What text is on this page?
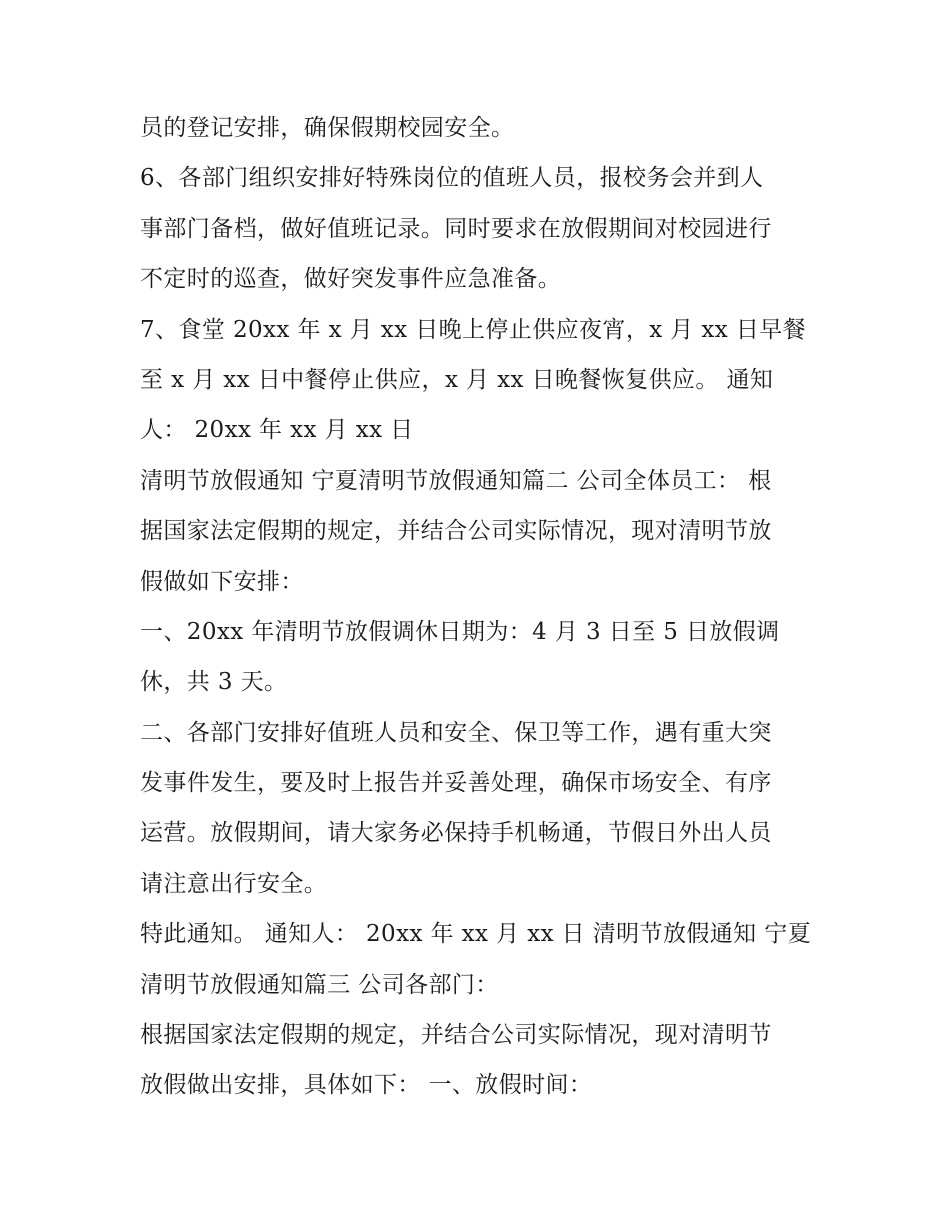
员的登记安排，确保假期校园安全。
6、各部门组织安排好特殊岗位的值班人员，报校务会并到人
事部门备档，做好值班记录。同时要求在放假期间对校园进行
不定时的巡查，做好突发事件应急准备。
7、食堂 20xx 年 x 月 xx 日晚上停止供应夜宵，x 月 xx 日早餐
至 x 月 xx 日中餐停止供应，x 月 xx 日晚餐恢复供应。 通知
人： 20xx 年 xx 月 xx 日
清明节放假通知 宁夏清明节放假通知篇二 公司全体员工： 根
据国家法定假期的规定，并结合公司实际情况，现对清明节放
假做如下安排：
一、20xx 年清明节放假调休日期为：4 月 3 日至 5 日放假调
休，共 3 天。
二、各部门安排好值班人员和安全、保卫等工作，遇有重大突
发事件发生，要及时上报告并妥善处理，确保市场安全、有序
运营。放假期间，请大家务必保持手机畅通，节假日外出人员
请注意出行安全。
特此通知。 通知人： 20xx 年 xx 月 xx 日 清明节放假通知 宁夏
清明节放假通知篇三 公司各部门：
根据国家法定假期的规定，并结合公司实际情况，现对清明节
放假做出安排，具体如下： 一、放假时间：
